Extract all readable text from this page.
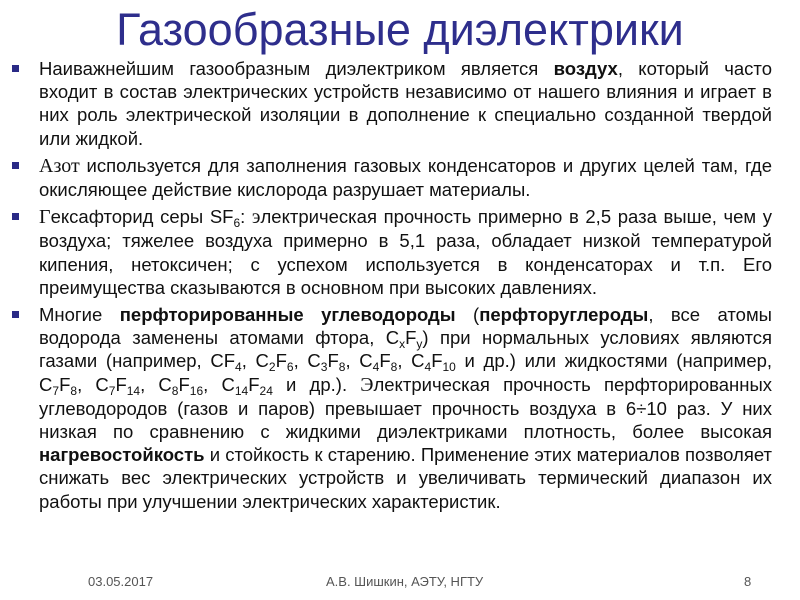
Газообразные диэлектрики

Наиважнейшим газообразным диэлектриком является воздух, который часто входит в состав электрических устройств независимо от нашего влияния и играет в них роль электрической изоляции в дополнение к специально созданной твердой или жидкой.

Азот используется для заполнения газовых конденсаторов и других целей там, где окисляющее действие кислорода разрушает материалы.

Гексафторид серы $SF_6$: электрическая прочность примерно в 2,5 раза выше, чем у воздуха; тяжелее воздуха примерно в 5,1 раза, обладает низкой температурой кипения, нетоксичен; с успехом используется в конденсаторах и т.п. Его преимущества сказываются в основном при высоких давлениях.

Многие перфторированные углеводороды (перфторуглероды, все атомы водорода заменены атомами фтора, $C_xF_y$) при нормальных условиях являются газами (например, $CF_4$, $C_2F_6$, $C_3F_8$, $C_4F_8$, $C_4F_{10}$ и др.) или жидкостями (например, $C_7F_8$, $C_7F_{14}$, $C_8F_{16}$, $C_{14}F_{24}$ и др.). Электрическая прочность перфторированных углеводородов (газов и паров) превышает прочность воздуха в 6÷10 раз. У них низкая по сравнению с жидкими диэлектриками плотность, более высокая нагревостойкость и стойкость к старению. Применение этих материалов позволяет снижать вес электрических устройств и увеличивать термический диапазон их работы при улучшении электрических характеристик.

03.05.2017	А.В. Шишкин, АЭТУ, НГТУ	8
